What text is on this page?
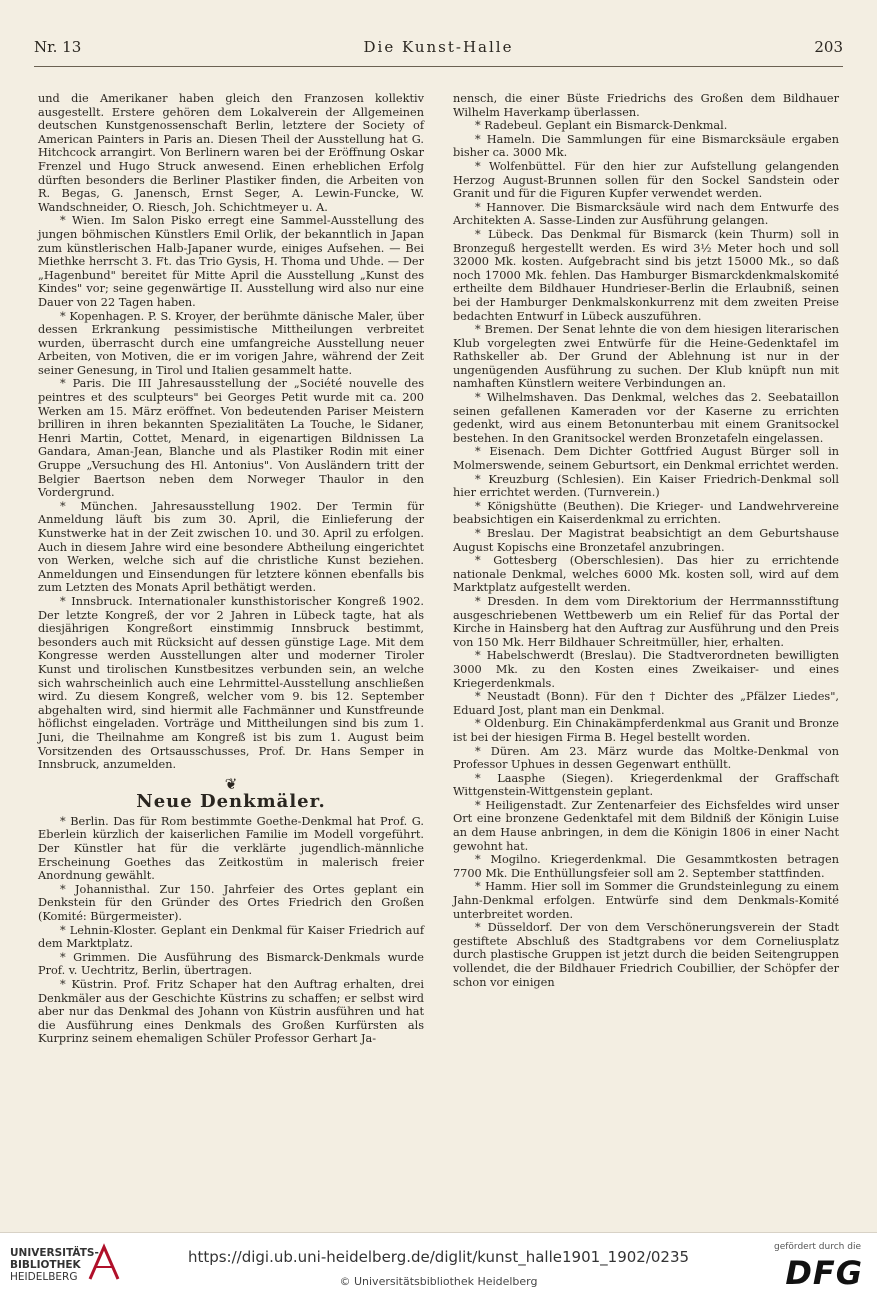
Nr. 13	Die Kunst-Halle	203

und die Amerikaner haben gleich den Franzosen kollektiv ausgestellt. Erstere gehören dem Lokalverein der Allgemeinen deutschen Kunstgenossenschaft Berlin, letztere der Society of American Painters in Paris an. Diesen Theil der Ausstellung hat G. Hitchcock arrangirt. Von Berlinern waren bei der Eröffnung Oskar Frenzel und Hugo Struck anwesend. Einen erheblichen Erfolg dürften besonders die Berliner Plastiker finden, die Arbeiten von R. Begas, G. Janensch, Ernst Seger, A. Lewin-Funcke, W. Wandschneider, O. Riesch, Joh. Schichtmeyer u. A.

* Wien. Im Salon Pisko erregt eine Sammel-Ausstellung des jungen böhmischen Künstlers Emil Orlik, der bekanntlich in Japan zum künstlerischen Halb-Japaner wurde, einiges Aufsehen. — Bei Miethke herrscht 3. Ft. das Trio Gysis, H. Thoma und Uhde. — Der „Hagenbund" bereitet für Mitte April die Ausstellung „Kunst des Kindes" vor; seine gegenwärtige II. Ausstellung wird also nur eine Dauer von 22 Tagen haben.

* Kopenhagen. P. S. Kroyer, der berühmte dänische Maler, über dessen Erkrankung pessimistische Mittheilungen verbreitet wurden, überrascht durch eine umfangreiche Ausstellung neuer Arbeiten, von Motiven, die er im vorigen Jahre, während der Zeit seiner Genesung, in Tirol und Italien gesammelt hatte.

* Paris. Die III Jahresausstellung der „Société nouvelle des peintres et des sculpteurs" bei Georges Petit wurde mit ca. 200 Werken am 15. März eröffnet. Von bedeutenden Pariser Meistern brilliren in ihren bekannten Spezialitäten La Touche, le Sidaner, Henri Martin, Cottet, Menard, in eigenartigen Bildnissen La Gandara, Aman-Jean, Blanche und als Plastiker Rodin mit einer Gruppe „Versuchung des Hl. Antonius". Von Ausländern tritt der Belgier Baertson neben dem Norweger Thaulor in den Vordergrund.

* München. Jahresausstellung 1902. Der Termin für Anmeldung läuft bis zum 30. April, die Einlieferung der Kunstwerke hat in der Zeit zwischen 10. und 30. April zu erfolgen. Auch in diesem Jahre wird eine besondere Abtheilung eingerichtet von Werken, welche sich auf die christliche Kunst beziehen. Anmeldungen und Einsendungen für letztere können ebenfalls bis zum Letzten des Monats April bethätigt werden.

* Innsbruck. Internationaler kunsthistorischer Kongreß 1902. Der letzte Kongreß, der vor 2 Jahren in Lübeck tagte, hat als diesjährigen Kongreßort einstimmig Innsbruck bestimmt, besonders auch mit Rücksicht auf dessen günstige Lage. Mit dem Kongresse werden Ausstellungen alter und moderner Tiroler Kunst und tirolischen Kunstbesitzes verbunden sein, an welche sich wahrscheinlich auch eine Lehrmittel-Ausstellung anschließen wird. Zu diesem Kongreß, welcher vom 9. bis 12. September abgehalten wird, sind hiermit alle Fachmänner und Kunstfreunde höflichst eingeladen. Vorträge und Mittheilungen sind bis zum 1. Juni, die Theilnahme am Kongreß ist bis zum 1. August beim Vorsitzenden des Ortsausschusses, Prof. Dr. Hans Semper in Innsbruck, anzumelden.

❦
Neue Denkmäler.

* Berlin. Das für Rom bestimmte Goethe-Denkmal hat Prof. G. Eberlein kürzlich der kaiserlichen Familie im Modell vorgeführt. Der Künstler hat für die verklärte jugendlich-männliche Erscheinung Goethes das Zeitkostüm in malerisch freier Anordnung gewählt.

* Johannisthal. Zur 150. Jahrfeier des Ortes geplant ein Denkstein für den Gründer des Ortes Friedrich den Großen (Komité: Bürgermeister).

* Lehnin-Kloster. Geplant ein Denkmal für Kaiser Friedrich auf dem Marktplatz.

* Grimmen. Die Ausführung des Bismarck-Denkmals wurde Prof. v. Uechtritz, Berlin, übertragen.

* Küstrin. Prof. Fritz Schaper hat den Auftrag erhalten, drei Denkmäler aus der Geschichte Küstrins zu schaffen; er selbst wird aber nur das Denkmal des Johann von Küstrin ausführen und hat die Ausführung eines Denkmals des Großen Kurfürsten als Kurprinz seinem ehemaligen Schüler Professor Gerhart Ja-

nensch, die einer Büste Friedrichs des Großen dem Bildhauer Wilhelm Haverkamp überlassen.

* Radebeul. Geplant ein Bismarck-Denkmal.

* Hameln. Die Sammlungen für eine Bismarcksäule ergaben bisher ca. 3000 Mk.

* Wolfenbüttel. Für den hier zur Aufstellung gelangenden Herzog August-Brunnen sollen für den Sockel Sandstein oder Granit und für die Figuren Kupfer verwendet werden.

* Hannover. Die Bismarcksäule wird nach dem Entwurfe des Architekten A. Sasse-Linden zur Ausführung gelangen.

* Lübeck. Das Denkmal für Bismarck (kein Thurm) soll in Bronzeguß hergestellt werden. Es wird 3½ Meter hoch und soll 32000 Mk. kosten. Aufgebracht sind bis jetzt 15000 Mk., so daß noch 17000 Mk. fehlen. Das Hamburger Bismarckdenkmalskomité ertheilte dem Bildhauer Hundrieser-Berlin die Erlaubniß, seinen bei der Hamburger Denkmalskonkurrenz mit dem zweiten Preise bedachten Entwurf in Lübeck auszuführen.

* Bremen. Der Senat lehnte die von dem hiesigen literarischen Klub vorgelegten zwei Entwürfe für die Heine-Gedenktafel im Rathskeller ab. Der Grund der Ablehnung ist nur in der ungenügenden Ausführung zu suchen. Der Klub knüpft nun mit namhaften Künstlern weitere Verbindungen an.

* Wilhelmshaven. Das Denkmal, welches das 2. Seebataillon seinen gefallenen Kameraden vor der Kaserne zu errichten gedenkt, wird aus einem Betonunterbau mit einem Granitsockel bestehen. In den Granitsockel werden Bronzetafeln eingelassen.

* Eisenach. Dem Dichter Gottfried August Bürger soll in Molmerswende, seinem Geburtsort, ein Denkmal errichtet werden.

* Kreuzburg (Schlesien). Ein Kaiser Friedrich-Denkmal soll hier errichtet werden. (Turnverein.)

* Königshütte (Beuthen). Die Krieger- und Landwehrvereine beabsichtigen ein Kaiserdenkmal zu errichten.

* Breslau. Der Magistrat beabsichtigt an dem Geburtshause August Kopischs eine Bronzetafel anzubringen.

* Gottesberg (Oberschlesien). Das hier zu errichtende nationale Denkmal, welches 6000 Mk. kosten soll, wird auf dem Marktplatz aufgestellt werden.

* Dresden. In dem vom Direktorium der Herrmannsstiftung ausgeschriebenen Wettbewerb um ein Relief für das Portal der Kirche in Hainsberg hat den Auftrag zur Ausführung und den Preis von 150 Mk. Herr Bildhauer Schreitmüller, hier, erhalten.

* Habelschwerdt (Breslau). Die Stadtverordneten bewilligten 3000 Mk. zu den Kosten eines Zweikaiser- und eines Kriegerdenkmals.

* Neustadt (Bonn). Für den † Dichter des „Pfälzer Liedes", Eduard Jost, plant man ein Denkmal.

* Oldenburg. Ein Chinakämpferdenkmal aus Granit und Bronze ist bei der hiesigen Firma B. Hegel bestellt worden.

* Düren. Am 23. März wurde das Moltke-Denkmal von Professor Uphues in dessen Gegenwart enthüllt.

* Laasphe (Siegen). Kriegerdenkmal der Graffschaft Wittgenstein-Wittgenstein geplant.

* Heiligenstadt. Zur Zentenarfeier des Eichsfeldes wird unser Ort eine bronzene Gedenktafel mit dem Bildniß der Königin Luise an dem Hause anbringen, in dem die Königin 1806 in einer Nacht gewohnt hat.

* Mogilno. Kriegerdenkmal. Die Gesammtkosten betragen 7700 Mk. Die Enthüllungsfeier soll am 2. September stattfinden.

* Hamm. Hier soll im Sommer die Grundsteinlegung zu einem Jahn-Denkmal erfolgen. Entwürfe sind dem Denkmals-Komité unterbreitet worden.

* Düsseldorf. Der von dem Verschönerungsverein der Stadt gestiftete Abschluß des Stadtgrabens vor dem Corneliusplatz durch plastische Gruppen ist jetzt durch die beiden Seitengruppen vollendet, die der Bildhauer Friedrich Coubillier, der Schöpfer der schon vor einigen

UNIVERSITÄTS-
BIBLIOTHEK
HEIDELBERG
https://digi.ub.uni-heidelberg.de/diglit/kunst_halle1901_1902/0235
© Universitätsbibliothek Heidelberg
gefördert durch die
DFG
